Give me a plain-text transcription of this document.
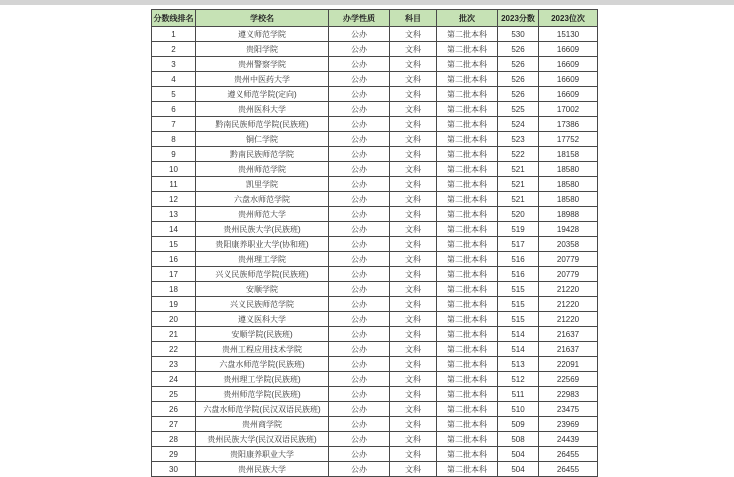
分数线排名	学校名	办学性质	科目	批次	2023分数	2023位次
1	遵义师范学院	公办	文科	第二批本科	530	15130
2	贵阳学院	公办	文科	第二批本科	526	16609
3	贵州警察学院	公办	文科	第二批本科	526	16609
4	贵州中医药大学	公办	文科	第二批本科	526	16609
5	遵义师范学院(定向)	公办	文科	第二批本科	526	16609
6	贵州医科大学	公办	文科	第二批本科	525	17002
7	黔南民族师范学院(民族班)	公办	文科	第二批本科	524	17386
8	铜仁学院	公办	文科	第二批本科	523	17752
9	黔南民族师范学院	公办	文科	第二批本科	522	18158
10	贵州师范学院	公办	文科	第二批本科	521	18580
11	凯里学院	公办	文科	第二批本科	521	18580
12	六盘水师范学院	公办	文科	第二批本科	521	18580
13	贵州师范大学	公办	文科	第二批本科	520	18988
14	贵州民族大学(民族班)	公办	文科	第二批本科	519	19428
15	贵阳康养职业大学(协和班)	公办	文科	第二批本科	517	20358
16	贵州理工学院	公办	文科	第二批本科	516	20779
17	兴义民族师范学院(民族班)	公办	文科	第二批本科	516	20779
18	安顺学院	公办	文科	第二批本科	515	21220
19	兴义民族师范学院	公办	文科	第二批本科	515	21220
20	遵义医科大学	公办	文科	第二批本科	515	21220
21	安顺学院(民族班)	公办	文科	第二批本科	514	21637
22	贵州工程应用技术学院	公办	文科	第二批本科	514	21637
23	六盘水师范学院(民族班)	公办	文科	第二批本科	513	22091
24	贵州理工学院(民族班)	公办	文科	第二批本科	512	22569
25	贵州师范学院(民族班)	公办	文科	第二批本科	511	22983
26	六盘水师范学院(民汉双语民族班)	公办	文科	第二批本科	510	23475
27	贵州商学院	公办	文科	第二批本科	509	23969
28	贵州民族大学(民汉双语民族班)	公办	文科	第二批本科	508	24439
29	贵阳康养职业大学	公办	文科	第二批本科	504	26455
30	贵州民族大学	公办	文科	第二批本科	504	26455
